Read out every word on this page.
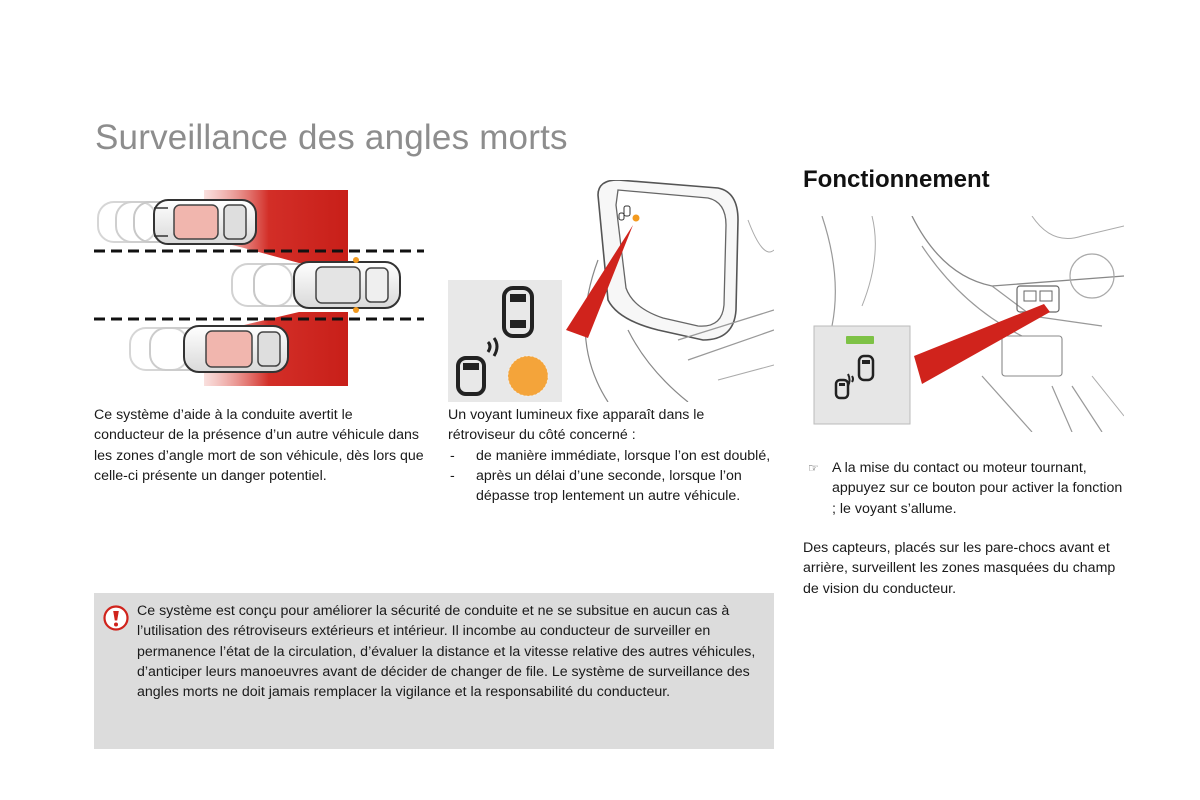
Surveillance des angles morts
Fonctionnement

Ce système d’aide à la conduite avertit le conducteur de la présence d’un autre véhicule dans les zones d’angle mort de son véhicule, dès lors que celle-ci présente un danger potentiel.

Un voyant lumineux fixe apparaît dans le rétroviseur du côté concerné :

- de manière immédiate, lorsque l’on est doublé,
- après un délai d’une seconde, lorsque l’on dépasse trop lentement un autre véhicule.
☞ A la mise du contact ou moteur tournant, appuyez sur ce bouton pour activer la fonction ; le voyant s’allume.

Des capteurs, placés sur les pare-chocs avant et arrière, surveillent les zones masquées du champ de vision du conducteur.

Ce système est conçu pour améliorer la sécurité de conduite et ne se subsitue en aucun cas à l’utilisation des rétroviseurs extérieurs et intérieur. Il incombe au conducteur de surveiller en permanence l’état de la circulation, d’évaluer la distance et la vitesse relative des autres véhicules, d’anticiper leurs manoeuvres avant de décider de changer de file. Le système de surveillance des angles morts ne doit jamais remplacer la vigilance et la responsabilité du conducteur.
